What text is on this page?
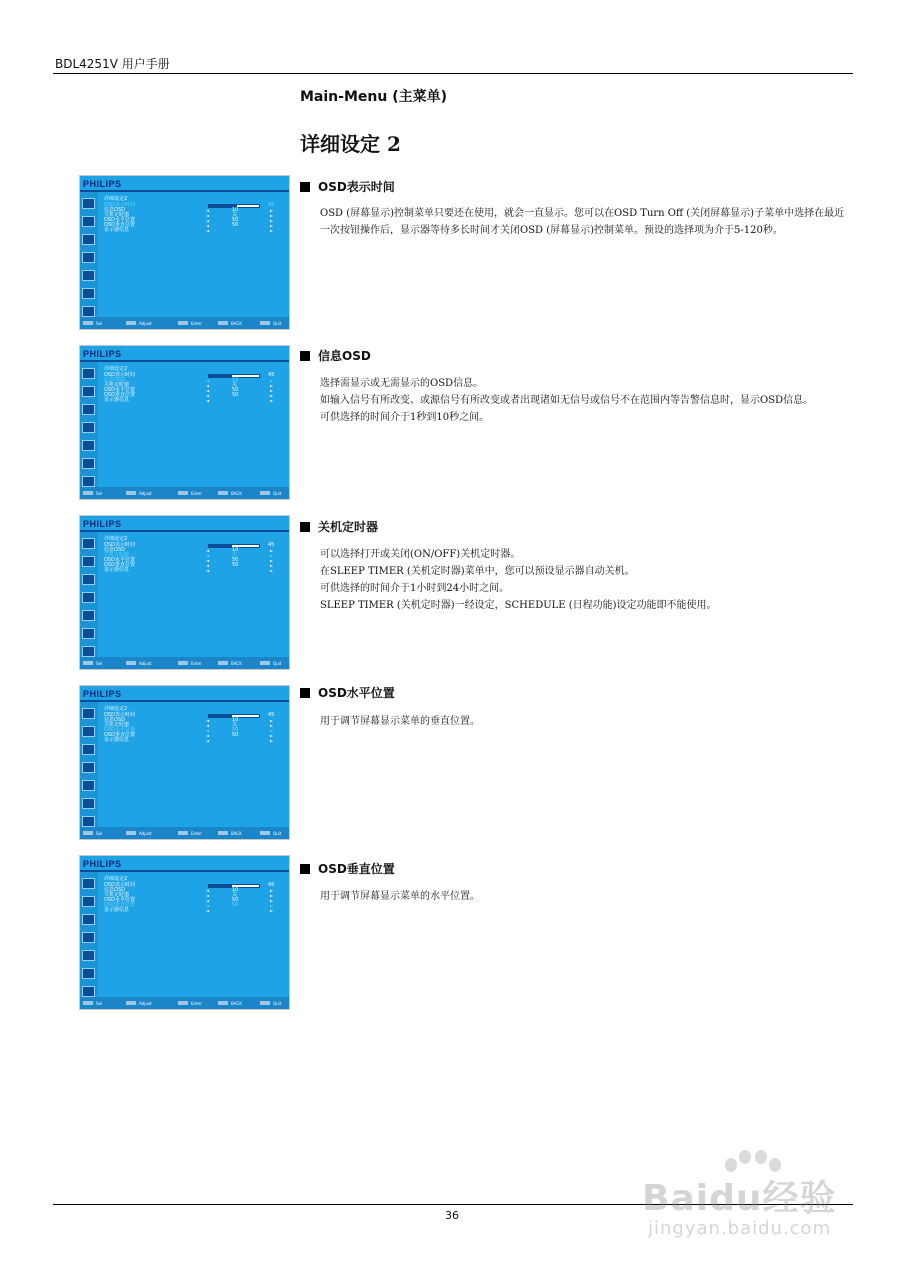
BDL4251V 用户手册
Main-Menu (主菜单)
详细设定 2
PHILIPS
详细设定2
OSD表示时间	45
信息OSD	◄	10	►
关机定时器	◄	关	►
OSD水平位置	◄	50	►
OSD垂直位置	◄	50	►
显示器信息	◄	►
Sel	Adjust	Enter	BACK	Quit
PHILIPS
详细设定2
OSD表示时间	45
信息OSD	◄	10	►
关机定时器	◄	关	►
OSD水平位置	◄	50	►
OSD垂直位置	◄	50	►
显示器信息	◄	►
Sel	Adjust	Enter	BACK	Quit
PHILIPS
详细设定2
OSD表示时间	45
信息OSD	◄	10	►
关机定时器	◄	关	►
OSD水平位置	◄	50	►
OSD垂直位置	◄	50	►
显示器信息	◄	►
Sel	Adjust	Enter	BACK	Quit
PHILIPS
详细设定2
OSD表示时间	45
信息OSD	◄	10	►
关机定时器	◄	关	►
OSD水平位置	◄	50	►
OSD垂直位置	◄	50	►
显示器信息	◄	►
Sel	Adjust	Enter	BACK	Quit
PHILIPS
详细设定2
OSD表示时间	45
信息OSD	◄	10	►
关机定时器	◄	关	►
OSD水平位置	◄	50	►
OSD垂直位置	◄	50	►
显示器信息	◄	►
Sel	Adjust	Enter	BACK	Quit
OSD表示时间

OSD (屏幕显示)控制菜单只要还在使用，就会一直显示。您可以在OSD Turn Off (关闭屏幕显示)子菜单中选择在最近一次按钮操作后，显示器等待多长时间才关闭OSD (屏幕显示)控制菜单。预设的选择项为介于5-120秒。

信息OSD

选择需显示或无需显示的OSD信息。

如输入信号有所改变、或源信号有所改变或者出现诸如无信号或信号不在范围内等告警信息时，显示OSD信息。

可供选择的时间介于1秒到10秒之间。

关机定时器

可以选择打开或关闭(ON/OFF)关机定时器。

在SLEEP TIMER (关机定时器)菜单中，您可以预设显示器自动关机。

可供选择的时间介于1小时到24小时之间。

SLEEP TIMER (关机定时器)一经设定，SCHEDULE (日程功能)设定功能即不能使用。

OSD水平位置

用于调节屏幕显示菜单的垂直位置。

OSD垂直位置

用于调节屏幕显示菜单的水平位置。

36	Baidu经验
jingyan.baidu.com
